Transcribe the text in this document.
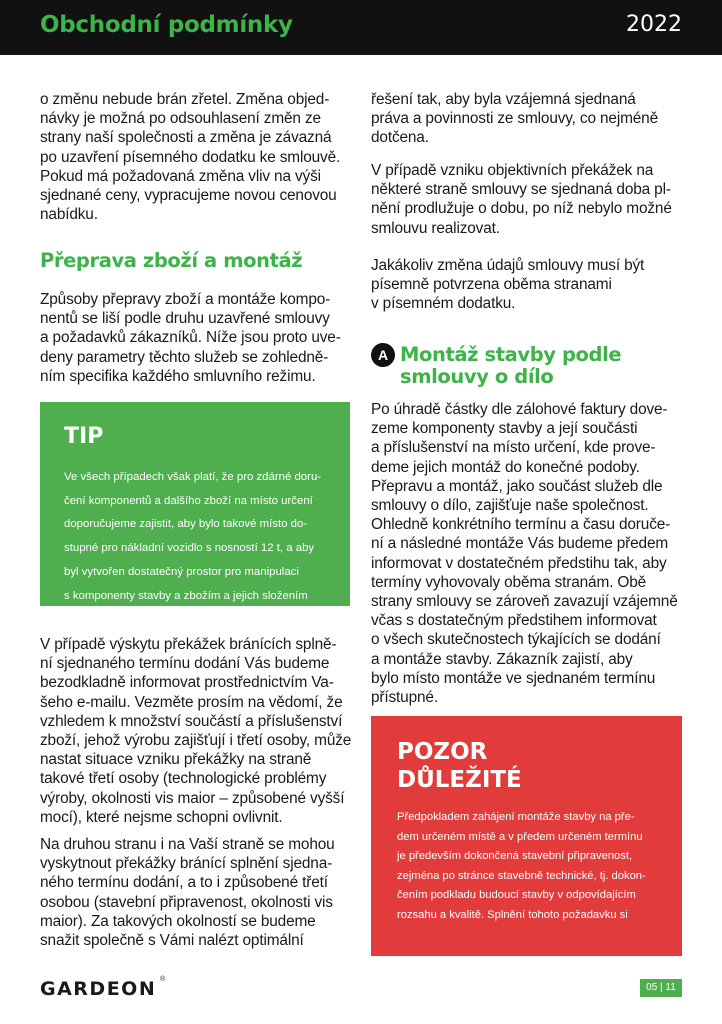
Obchodní podmínky	2022

o změnu nebude brán zřetel. Změna objed-
návky je možná po odsouhlasení změn ze
strany naší společnosti a změna je závazná
po uzavření písemného dodatku ke smlouvě.
Pokud má požadovaná změna vliv na výši
sjednané ceny, vypracujeme novou cenovou
nabídku.

Přeprava zboží a montáž

Způsoby přepravy zboží a montáže kompo-
nentů se liší podle druhu uzavřené smlouvy
a požadavků zákazníků. Níže jsou proto uve-
deny parametry těchto služeb se zohledně-
ním specifika každého smluvního režimu.

TIP

Ve všech případech však platí, že pro zdárné doru-
čení komponentů a dalšího zboží na místo určení
doporučujeme zajistit, aby bylo takové místo do-
stupné pro nákladní vozidlo s nosností 12 t, a aby
byl vytvořen dostatečný prostor pro manipulaci
s komponenty stavby a zbožím a jejich složením
na požadovaném místě.

V případě výskytu překážek bránících splně-
ní sjednaného termínu dodání Vás budeme
bezodkladně informovat prostřednictvím Va-
šeho e-mailu. Vezměte prosím na vědomí, že
vzhledem k množství součástí a příslušenství
zboží, jehož výrobu zajišťují i třetí osoby, může
nastat situace vzniku překážky na straně
takové třetí osoby (technologické problémy
výroby, okolnosti vis maior – způsobené vyšší
mocí), které nejsme schopni ovlivnit.

Na druhou stranu i na Vaší straně se mohou
vyskytnout překážky bránící splnění sjedna-
ného termínu dodání, a to i způsobené třetí
osobou (stavební připravenost, okolnosti vis
maior). Za takových okolností se budeme
snažit společně s Vámi nalézt optimální

řešení tak, aby byla vzájemná sjednaná
práva a povinnosti ze smlouvy, co nejméně
dotčena.

V případě vzniku objektivních překážek na
některé straně smlouvy se sjednaná doba pl-
nění prodlužuje o dobu, po níž nebylo možné
smlouvu realizovat.

Jakákoliv změna údajů smlouvy musí být
písemně potvrzena oběma stranami
v písemném dodatku.

A Montáž stavby podle
smlouvy o dílo

Po úhradě částky dle zálohové faktury dove-
zeme komponenty stavby a její součásti
a příslušenství na místo určení, kde prove-
deme jejich montáž do konečné podoby.
Přepravu a montáž, jako součást služeb dle
smlouvy o dílo, zajišťuje naše společnost.
Ohledně konkrétního termínu a času doruče-
ní a následné montáže Vás budeme předem
informovat v dostatečném předstihu tak, aby
termíny vyhovovaly oběma stranám. Obě
strany smlouvy se zároveň zavazují vzájemně
včas s dostatečným předstihem informovat
o všech skutečnostech týkajících se dodání
a montáže stavby. Zákazník zajistí, aby
bylo místo montáže ve sjednaném termínu
přístupné.

POZOR
DŮLEŽITÉ

Předpokladem zahájení montáže stavby na pře-
dem určeném místě a v předem určeném termínu
je především dokončená stavební připravenost,
zejména po stránce stavebně technické, tj. dokon-
čením podkladu budoucí stavby v odpovídajícím
rozsahu a kvalitě. Splnění tohoto požadavku si

GARDEON ®
05 | 11
